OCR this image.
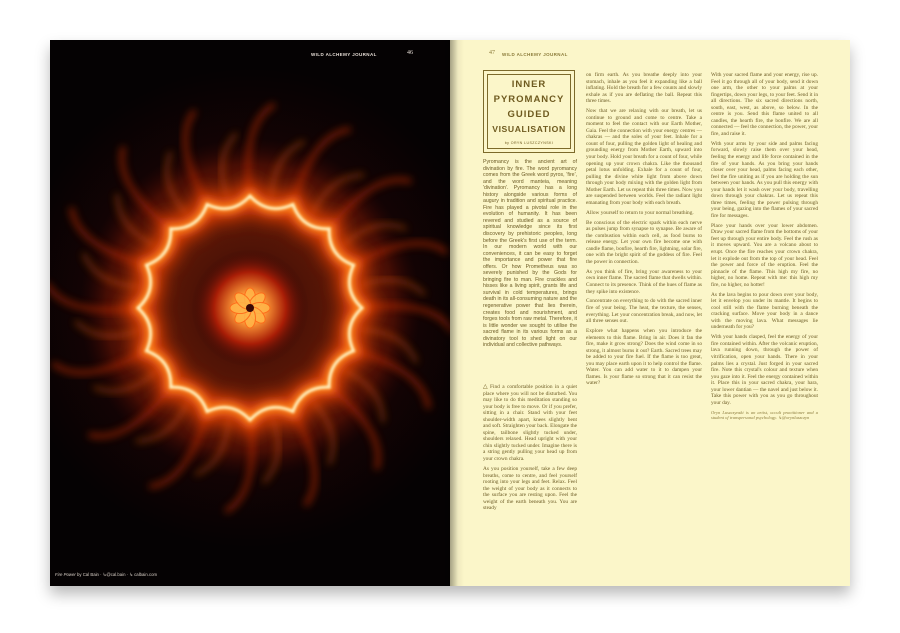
WILD ALCHEMY JOURNAL	46
Fire Power by Cal Bain · ↳@cal.bain · ↳ calbain.com
47 WILD ALCHEMY JOURNAL
INNER
PYROMANCY
GUIDED
VISUALISATION
by ORYN LUSZCZYNSKI

Pyromancy is the ancient art of divination by fire. The word pyromancy comes from the Greek word pyros, 'fire', and the word manteia, meaning 'divination'. Pyromancy has a long history alongside various forms of augury in tradition and spiritual practice. Fire has played a pivotal role in the evolution of humanity. It has been revered and studied as a source of spiritual knowledge since its first discovery by prehistoric peoples, long before the Greek's first use of the term. In our modern world with our conveniences, it can be easy to forget the importance and power that fire offers. Or how Prometheus was so severely punished by the Gods for bringing fire to man. Fire crackles and hisses like a living spirit, grants life and survival in cold temperatures, brings death in its all-consuming nature and the regenerative power that lies therein, creates food and nourishment, and forges tools from raw metal. Therefore, it is little wonder we sought to utilise the sacred flame in its various forms as a divinatory tool to shed light on our individual and collective pathways.

△ Find a comfortable position in a quiet place where you will not be disturbed. You may like to do this meditation standing so your body is free to move. Or if you prefer, sitting in a chair. Stand with your feet shoulder-width apart, knees slightly bent and soft. Straighten your back. Elongate the spine, tailbone slightly tucked under, shoulders relaxed. Head upright with your chin slightly tucked under. Imagine there is a string gently pulling your head up from your crown chakra.

As you position yourself, take a few deep breaths, come to centre, and feel yourself rooting into your legs and feet. Relax. Feel the weight of your body as it connects to the surface you are resting upon. Feel the weight of the earth beneath you. You are steady

on firm earth. As you breathe deeply into your stomach, inhale as you feel it expanding like a ball inflating. Hold the breath for a few counts and slowly exhale as if you are deflating the ball. Repeat this three times.

Now that we are relaxing with our breath, let us continue to ground and come to centre. Take a moment to feel the contact with our Earth Mother, Gaia. Feel the connection with your energy centres — chakras — and the soles of your feet. Inhale for a count of four, pulling the golden light of healing and grounding energy from Mother Earth, upward into your body. Hold your breath for a count of four, while opening up your crown chakra. Like the thousand petal lotus unfolding. Exhale for a count of four, pulling the divine white light from above down through your body mixing with the golden light from Mother Earth. Let us repeat this three times. Now you are suspended between worlds. Feel the radiant light emanating from your body with each breath.

Allow yourself to return to your normal breathing.

Be conscious of the electric spark within each nerve as pulses jump from synapse to synapse. Be aware of the combustion within each cell, as food burns to release energy. Let your own fire become one with candle flame, bonfire, hearth fire, lightning, solar fire, one with the bright spirit of the goddess of fire. Feel the power in connection.

As you think of fire, bring your awareness to your own inner flame. The sacred flame that dwells within. Connect to its presence. Think of the hues of flame as they spike into existence.

Concentrate on everything to do with the sacred inner fire of your being. The heat, the texture, the senses, everything. Let your concentration break, and now, let all three senses out.

Explore what happens when you introduce the elements to this flame. Bring in air. Does it fan the fire, make it grow strong? Does the wind come in so strong, it almost burns it out? Earth. Sacred trees may be added to your fire fuel. If the flame is too great, you may place earth upon it to help control the flame. Water. You can add water to it to dampen your flames. Is your flame so strong that it can resist the water?

With your sacred flame and your energy, rise up. Feel it go through all of your body, send it down one arm, the other to your palms at your fingertips, down your legs, to your feet. Send it in all directions. The six sacred directions north, south, east, west, as above, so below. In the centre is you. Send this flame united to all candles, the hearth fire, the bonfire. We are all connected — feel the connection, the power, your fire, and raise it.

With your arms by your side and palms facing forward, slowly raise them over your head, feeling the energy and life force contained in the fire of your hands. As you bring your hands closer over your head, palms facing each other, feel the fire uniting as if you are holding the sun between your hands. As you pull this energy with your hands let it wash over your body, travelling down through your chakras. Let us repeat this three times, feeling the power pulsing through your being, gazing into the flames of your sacred fire for messages.

Place your hands over your lower abdomen. Draw your sacred flame from the bottoms of your feet up through your entire body. Feel the rush as it moves upward. You are a volcano about to erupt. Once the fire reaches your crown chakra, let it explode out from the top of your head. Feel the power and force of the eruption. Feel the pinnacle of the flame. This high my fire, no higher, no home. Repeat with me: this high my fire, no higher, no hotter!

As the lava begins to pour down over your body, let it envelop you under its mantle. It begins to cool still with the flame burning beneath the cracking surface. Move your body in a dance with the moving lava. What messages lie underneath for you?

With your hands clasped, feel the energy of your fire contained within. After the volcanic eruption, lava running down, through the power of vitrification, open your hands. There in your palms lies a crystal. Just forged in your sacred fire. Note this crystal's colour and texture when you gaze into it. Feel the energy contained within it. Place this in your sacred chakra, your hara, your lower dantian — the navel and just below it. Take this power with you as you go throughout your day.

Oryn Luszczynski is an artist, occult practitioner and a student of transpersonal psychology. ↳@orynluszczyn
